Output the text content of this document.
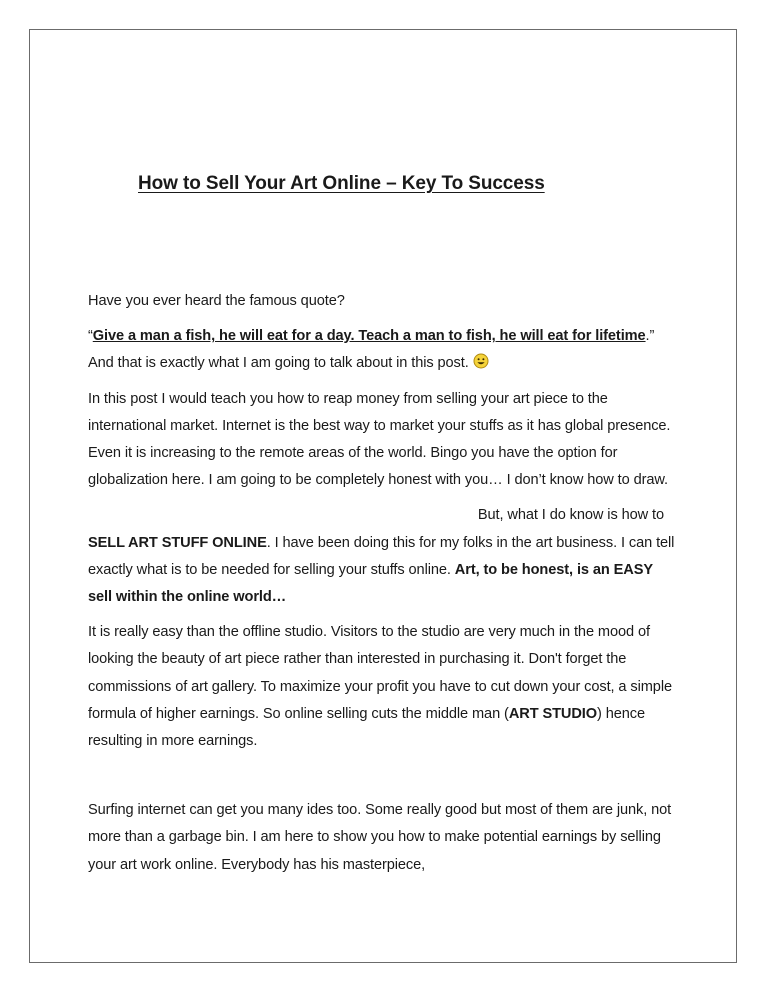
How to Sell Your Art Online – Key To Success

Have you ever heard the famous quote?

“Give a man a fish, he will eat for a day. Teach a man to fish, he will eat for lifetime.” And that is exactly what I am going to talk about in this post.

In this post I would teach you how to reap money from selling your art piece to the international market. Internet is the best way to market your stuffs as it has global presence. Even it is increasing to the remote areas of the world. Bingo you have the option for globalization here. I am going to be completely honest with you… I don’t know how to draw.

But, what I do know is how to
SELL ART STUFF ONLINE. I have been doing this for my folks in the art business. I can tell exactly what is to be needed for selling your stuffs online. Art, to be honest, is an EASY sell within the online world…

It is really easy than the offline studio. Visitors to the studio are very much in the mood of looking the beauty of art piece rather than interested in purchasing it. Don't forget the commissions of art gallery. To maximize your profit you have to cut down your cost, a simple formula of higher earnings. So online selling cuts the middle man (ART STUDIO) hence resulting in more earnings.

Surfing internet can get you many ides too. Some really good but most of them are junk, not more than a garbage bin. I am here to show you how to make potential earnings by selling your art work online. Everybody has his masterpiece,
